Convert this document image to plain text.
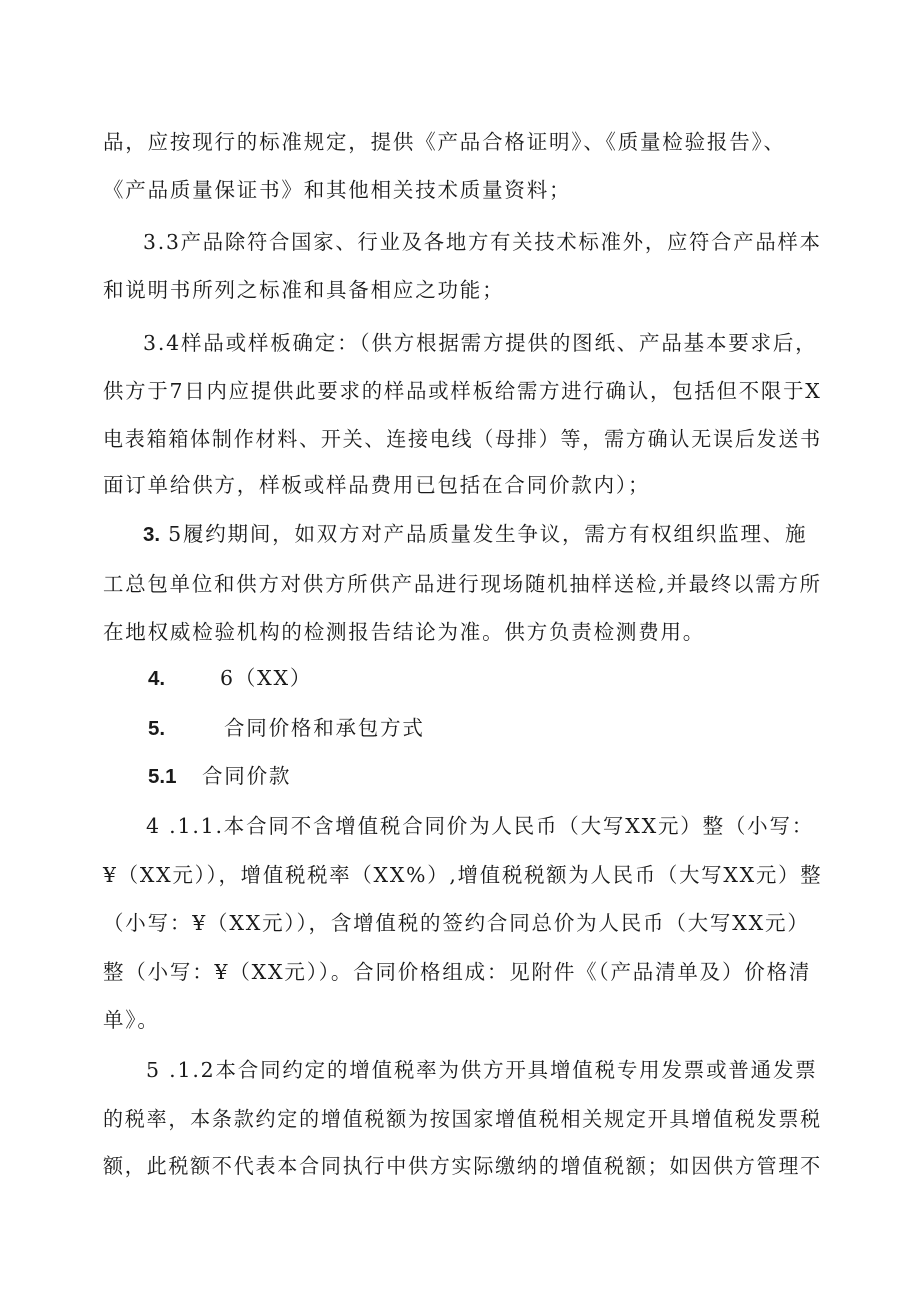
品，应按现行的标准规定，提供《产品合格证明》、《质量检验报告》、
《产品质量保证书》和其他相关技术质量资料；
3.3产品除符合国家、行业及各地方有关技术标准外，应符合产品样本
和说明书所列之标准和具备相应之功能；
3.4样品或样板确定：（供方根据需方提供的图纸、产品基本要求后，
供方于7日内应提供此要求的样品或样板给需方进行确认，包括但不限于X
电表箱箱体制作材料、开关、连接电线（母排）等，需方确认无误后发送书
面订单给供方，样板或样品费用已包括在合同价款内）；
3. 5履约期间，如双方对产品质量发生争议，需方有权组织监理、施
工总包单位和供方对供方所供产品进行现场随机抽样送检,并最终以需方所
在地权威检验机构的检测报告结论为准。供方负责检测费用。
4.	6（XX）
5.	合同价格和承包方式
5.1 合同价款
4 .1.1.本合同不含增值税合同价为人民币（大写XX元）整（小写：
¥（XX元）），增值税税率（XX%）,增值税税额为人民币（大写XX元）整
（小写：¥（XX元）），含增值税的签约合同总价为人民币（大写XX元）
整（小写：¥（XX元））。合同价格组成：见附件《（产品清单及）价格清
单》。
5 .1.2本合同约定的增值税率为供方开具增值税专用发票或普通发票
的税率，本条款约定的增值税额为按国家增值税相关规定开具增值税发票税
额，此税额不代表本合同执行中供方实际缴纳的增值税额；如因供方管理不
